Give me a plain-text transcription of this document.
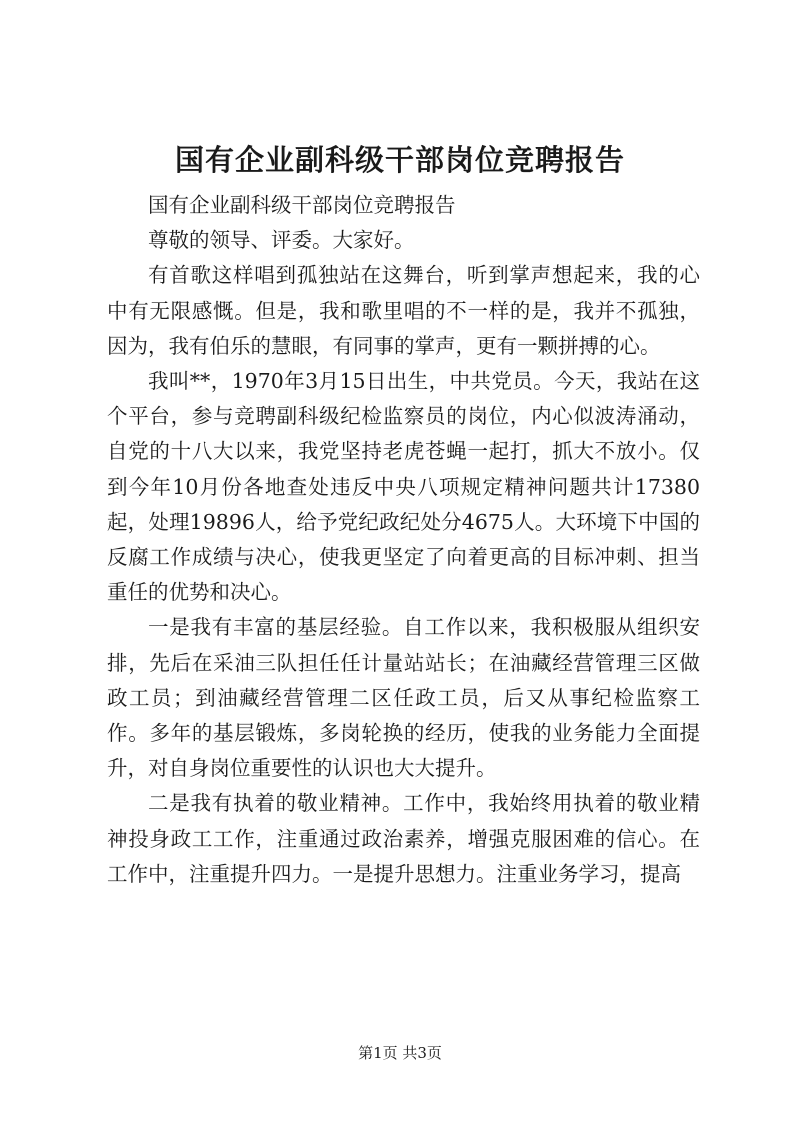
国有企业副科级干部岗位竞聘报告

国有企业副科级干部岗位竞聘报告

尊敬的领导、评委。大家好。

有首歌这样唱到孤独站在这舞台，听到掌声想起来，我的心中有无限感慨。但是，我和歌里唱的不一样的是，我并不孤独，因为，我有伯乐的慧眼，有同事的掌声，更有一颗拼搏的心。

我叫**，1970年3月15日出生，中共党员。今天，我站在这个平台，参与竞聘副科级纪检监察员的岗位，内心似波涛涌动，自党的十八大以来，我党坚持老虎苍蝇一起打，抓大不放小。仅到今年10月份各地查处违反中央八项规定精神问题共计17380起，处理19896人，给予党纪政纪处分4675人。大环境下中国的反腐工作成绩与决心，使我更坚定了向着更高的目标冲刺、担当重任的优势和决心。

一是我有丰富的基层经验。自工作以来，我积极服从组织安排，先后在采油三队担任任计量站站长；在油藏经营管理三区做政工员；到油藏经营管理二区任政工员，后又从事纪检监察工作。多年的基层锻炼，多岗轮换的经历，使我的业务能力全面提升，对自身岗位重要性的认识也大大提升。

二是我有执着的敬业精神。工作中，我始终用执着的敬业精神投身政工工作，注重通过政治素养，增强克服困难的信心。在工作中，注重提升四力。一是提升思想力。注重业务学习，提高

第1页 共3页
